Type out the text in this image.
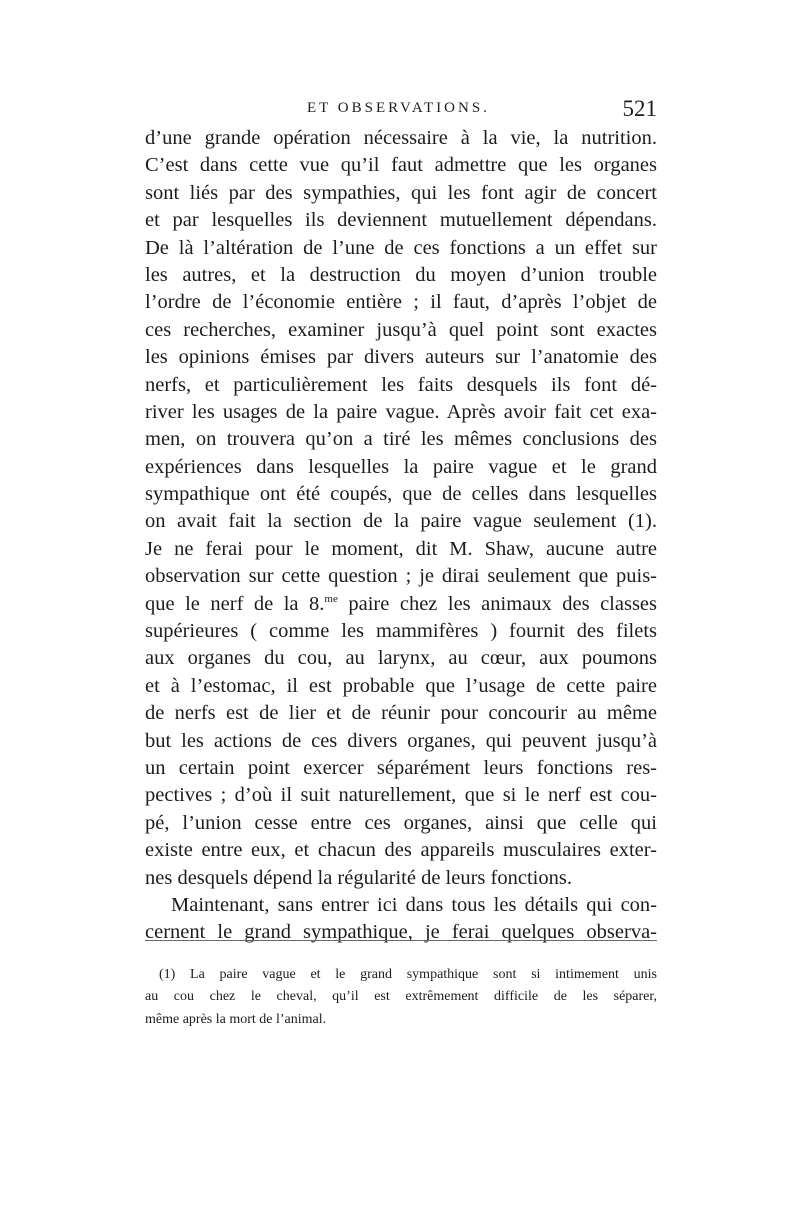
ET OBSERVATIONS.	521
d’une grande opération nécessaire à la vie, la nutrition.
C’est dans cette vue qu’il faut admettre que les organes
sont liés par des sympathies, qui les font agir de concert
et par lesquelles ils deviennent mutuellement dépendans.
De là l’altération de l’une de ces fonctions a un effet sur
les autres, et la destruction du moyen d’union trouble
l’ordre de l’économie entière ; il faut, d’après l’objet de
ces recherches, examiner jusqu’à quel point sont exactes
les opinions émises par divers auteurs sur l’anatomie des
nerfs, et particulièrement les faits desquels ils font dé-
river les usages de la paire vague. Après avoir fait cet exa-
men, on trouvera qu’on a tiré les mêmes conclusions des
expériences dans lesquelles la paire vague et le grand
sympathique ont été coupés, que de celles dans lesquelles
on avait fait la section de la paire vague seulement (1).
Je ne ferai pour le moment, dit M. Shaw, aucune autre
observation sur cette question ; je dirai seulement que puis-
que le nerf de la 8.$^{me}$ paire chez les animaux des classes
supérieures ( comme les mammifères ) fournit des filets
aux organes du cou, au larynx, au cœur, aux poumons
et à l’estomac, il est probable que l’usage de cette paire
de nerfs est de lier et de réunir pour concourir au même
but les actions de ces divers organes, qui peuvent jusqu’à
un certain point exercer séparément leurs fonctions res-
pectives ; d’où il suit naturellement, que si le nerf est cou-
pé, l’union cesse entre ces organes, ainsi que celle qui
existe entre eux, et chacun des appareils musculaires exter-
nes desquels dépend la régularité de leurs fonctions.
Maintenant, sans entrer ici dans tous les détails qui con-
cernent le grand sympathique, je ferai quelques observa-
(1) La paire vague et le grand sympathique sont si intimement unis
au cou chez le cheval, qu’il est extrêmement difficile de les séparer,
même après la mort de l’animal.
